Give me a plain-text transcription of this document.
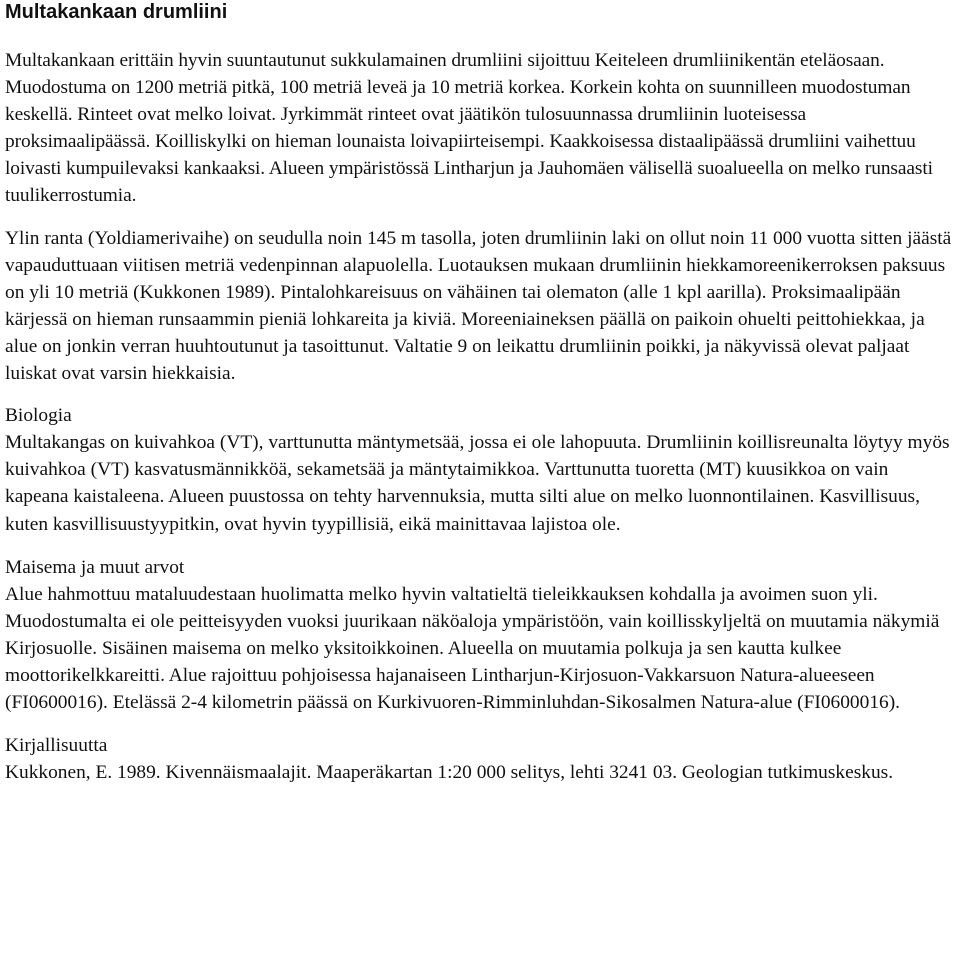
Multakankaan drumliini

Multakankaan erittäin hyvin suuntautunut sukkulamainen drumliini sijoittuu Keiteleen drumliinikentän eteläosaan. Muodostuma on 1200 metriä pitkä, 100 metriä leveä ja 10 metriä korkea. Korkein kohta on suunnilleen muodostuman keskellä. Rinteet ovat melko loivat. Jyrkimmät rinteet ovat jäätikön tulosuunnassa drumliinin luoteisessa proksimaalipäässä. Koilliskylki on hieman lounaista loivapiirteisempi. Kaakkoisessa distaalipäässä drumliini vaihettuu loivasti kumpuilevaksi kankaaksi. Alueen ympäristössä Lintharjun ja Jauhomäen välisellä suoalueella on melko runsaasti tuulikerrostumia.

Ylin ranta (Yoldiamerivaihe) on seudulla noin 145 m tasolla, joten drumliinin laki on ollut noin 11 000 vuotta sitten jäästä vapauduttuaan viitisen metriä vedenpinnan alapuolella. Luotauksen mukaan drumliinin hiekkamoreenikerroksen paksuus on yli 10 metriä (Kukkonen 1989). Pintalohkareisuus on vähäinen tai olematon (alle 1 kpl aarilla). Proksimaalipään kärjessä on hieman runsaammin pieniä lohkareita ja kiviä. Moreeniaineksen päällä on paikoin ohuelti peittohiekkaa, ja alue on jonkin verran huuhtoutunut ja tasoittunut. Valtatie 9 on leikattu drumliinin poikki, ja näkyvissä olevat paljaat luiskat ovat varsin hiekkaisia.

Biologia
Multakangas on kuivahkoa (VT), varttunutta mäntymetsää, jossa ei ole lahopuuta. Drumliinin koillisreunalta löytyy myös kuivahkoa (VT) kasvatusmännikköä, sekametsää ja mäntytaimikkoa. Varttunutta tuoretta (MT) kuusikkoa on vain kapeana kaistaleena. Alueen puustossa on tehty harvennuksia, mutta silti alue on melko luonnontilainen. Kasvillisuus, kuten kasvillisuustyypitkin, ovat hyvin tyypillisiä, eikä mainittavaa lajistoa ole.
Maisema ja muut arvot
Alue hahmottuu mataluudestaan huolimatta melko hyvin valtatieltä tieleikkauksen kohdalla ja avoimen suon yli. Muodostumalta ei ole peitteisyyden vuoksi juurikaan näköaloja ympäristöön, vain koillisskyljeltä on muutamia näkymiä Kirjosuolle. Sisäinen maisema on melko yksitoikkoinen. Alueella on muutamia polkuja ja sen kautta kulkee moottorikelkkareitti. Alue rajoittuu pohjoisessa hajanaiseen Lintharjun-Kirjosuon-Vakkarsuon Natura-alueeseen (FI0600016). Etelässä 2-4 kilometrin päässä on Kurkivuoren-Rimminluhdan-Sikosalmen Natura-alue (FI0600016).
Kirjallisuutta
Kukkonen, E. 1989. Kivennäismaalajit. Maaperäkartan 1:20 000 selitys, lehti 3241 03. Geologian tutkimuskeskus.
